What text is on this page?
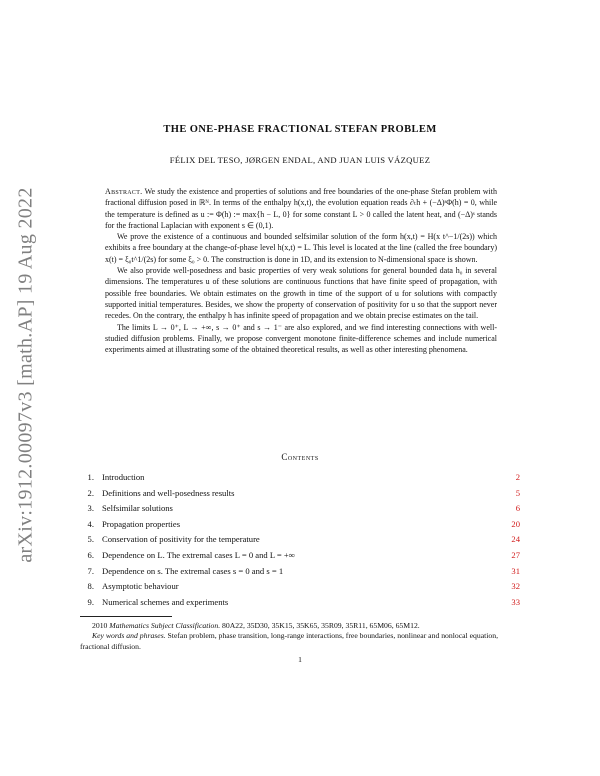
arXiv:1912.00097v3 [math.AP] 19 Aug 2022
THE ONE-PHASE FRACTIONAL STEFAN PROBLEM
FÉLIX DEL TESO, JØRGEN ENDAL, AND JUAN LUIS VÁZQUEZ

Abstract. We study the existence and properties of solutions and free boundaries of the one-phase Stefan problem with fractional diffusion posed in ℝᴺ. In terms of the enthalpy h(x,t), the evolution equation reads ∂ₜh + (−Δ)ˢΦ(h) = 0, while the temperature is defined as u := Φ(h) := max{h − L, 0} for some constant L > 0 called the latent heat, and (−Δ)ˢ stands for the fractional Laplacian with exponent s ∈ (0,1).

We prove the existence of a continuous and bounded selfsimilar solution of the form h(x,t) = H(x t^−1/(2s)) which exhibits a free boundary at the change-of-phase level h(x,t) = L. This level is located at the line (called the free boundary) x(t) = ξ₀t^1/(2s) for some ξ₀ > 0. The construction is done in 1D, and its extension to N-dimensional space is shown.

We also provide well-posedness and basic properties of very weak solutions for general bounded data h₀ in several dimensions. The temperatures u of these solutions are continuous functions that have finite speed of propagation, with possible free boundaries. We obtain estimates on the growth in time of the support of u for solutions with compactly supported initial temperatures. Besides, we show the property of conservation of positivity for u so that the support never recedes. On the contrary, the enthalpy h has infinite speed of propagation and we obtain precise estimates on the tail.

The limits L → 0⁺, L → +∞, s → 0⁺ and s → 1⁻ are also explored, and we find interesting connections with well-studied diffusion problems. Finally, we propose convergent monotone finite-difference schemes and include numerical experiments aimed at illustrating some of the obtained theoretical results, as well as other interesting phenomena.

Contents
1. Introduction	2
2. Definitions and well-posedness results	5
3. Selfsimilar solutions	6
4. Propagation properties	20
5. Conservation of positivity for the temperature	24
6. Dependence on L. The extremal cases L = 0 and L = +∞	27
7. Dependence on s. The extremal cases s = 0 and s = 1	31
8. Asymptotic behaviour	32
9. Numerical schemes and experiments	33

2010 Mathematics Subject Classification. 80A22, 35D30, 35K15, 35K65, 35R09, 35R11, 65M06, 65M12.

Key words and phrases. Stefan problem, phase transition, long-range interactions, free boundaries, nonlinear and nonlocal equation, fractional diffusion.

1
